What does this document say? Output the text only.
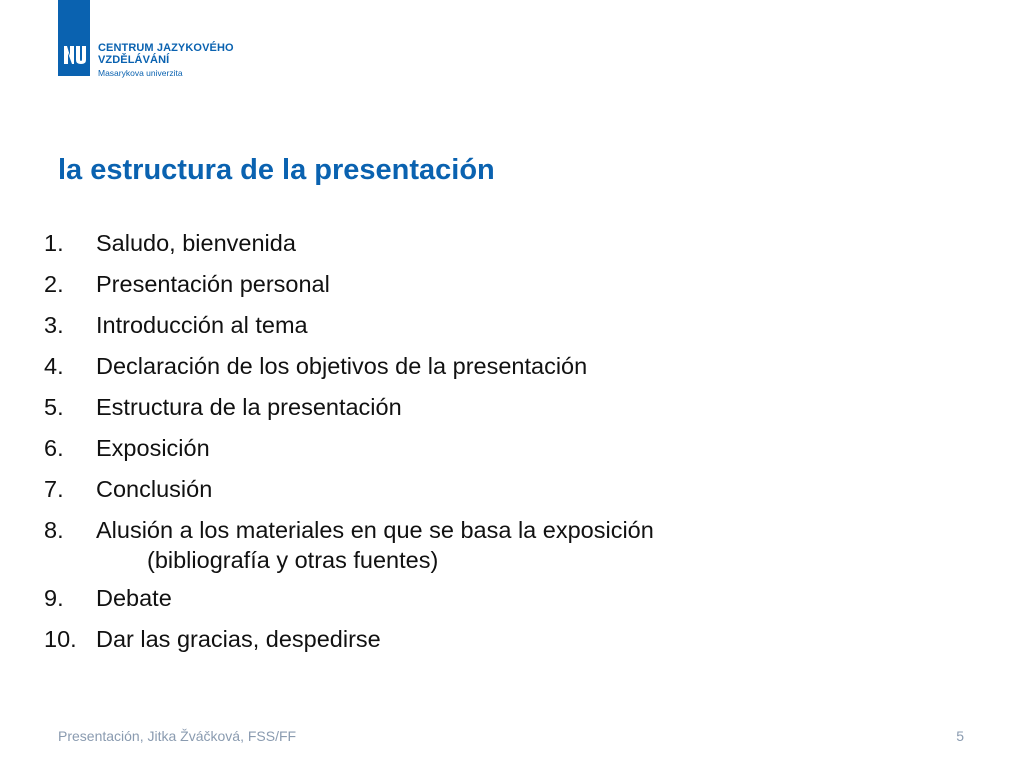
CENTRUM JAZYKOVÉHO
VZDĚLÁVÁNÍ
Masarykova univerzita
la estructura de la presentación
1.	Saludo, bienvenida
2.	Presentación personal
3.	Introducción al tema
4.	Declaración de los objetivos de la presentación
5.	Estructura de la presentación
6.	Exposición
7.	Conclusión
8.	Alusión a los materiales en que se basa la exposición
(bibliografía y otras fuentes)
9.	Debate
10. Dar las gracias, despedirse
Presentación, Jitka Žváčková, FSS/FF	5
